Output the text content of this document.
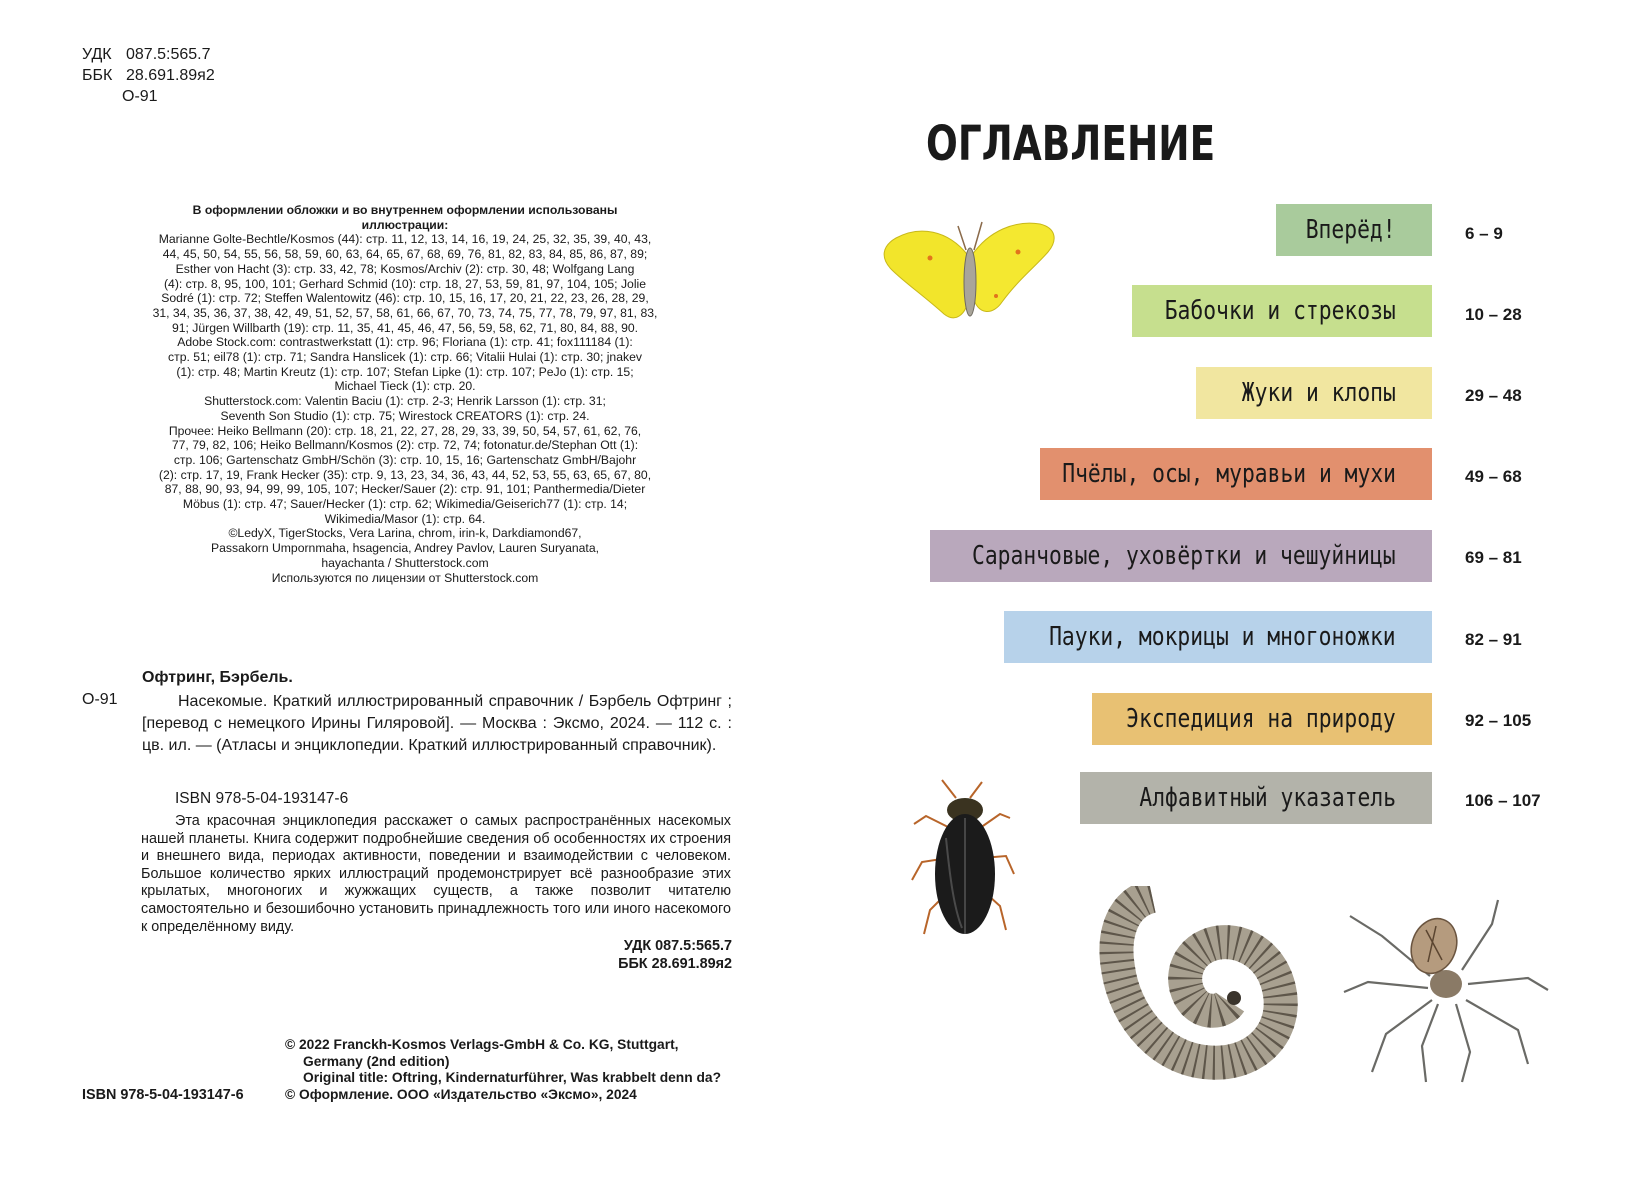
УДК 087.5:565.7
ББК 28.691.89я2
О-91

В оформлении обложки и во внутреннем оформлении использованы иллюстрации:

Marianne Golte-Bechtle/Kosmos (44): стр. 11, 12, 13, 14, 16, 19, 24, 25, 32, 35, 39, 40, 43,

44, 45, 50, 54, 55, 56, 58, 59, 60, 63, 64, 65, 67, 68, 69, 76, 81, 82, 83, 84, 85, 86, 87, 89;

Esther von Hacht (3): стр. 33, 42, 78; Kosmos/Archiv (2): стр. 30, 48; Wolfgang Lang

(4): стр. 8, 95, 100, 101; Gerhard Schmid (10): стр. 18, 27, 53, 59, 81, 97, 104, 105; Jolie

Sodré (1): стр. 72; Steffen Walentowitz (46): стр. 10, 15, 16, 17, 20, 21, 22, 23, 26, 28, 29,

31, 34, 35, 36, 37, 38, 42, 49, 51, 52, 57, 58, 61, 66, 67, 70, 73, 74, 75, 77, 78, 79, 97, 81, 83,

91; Jürgen Willbarth (19): стр. 11, 35, 41, 45, 46, 47, 56, 59, 58, 62, 71, 80, 84, 88, 90.

Adobe Stock.com: contrastwerkstatt (1): стр. 96; Floriana (1): стр. 41; fox111184 (1):

стр. 51; eil78 (1): стр. 71; Sandra Hanslicek (1): стр. 66; Vitalii Hulai (1): стр. 30; jnakev

(1): стр. 48; Martin Kreutz (1): стр. 107; Stefan Lipke (1): стр. 107; PeJo (1): стр. 15;

Michael Tieck (1): стр. 20.

Shutterstock.com: Valentin Baciu (1): стр. 2-3; Henrik Larsson (1): стр. 31;

Seventh Son Studio (1): стр. 75; Wirestock CREATORS (1): стр. 24.

Прочее: Heiko Bellmann (20): стр. 18, 21, 22, 27, 28, 29, 33, 39, 50, 54, 57, 61, 62, 76,

77, 79, 82, 106; Heiko Bellmann/Kosmos (2): стр. 72, 74; fotonatur.de/Stephan Ott (1):

стр. 106; Gartenschatz GmbH/Schön (3): стр. 10, 15, 16; Gartenschatz GmbH/Bajohr

(2): стр. 17, 19, Frank Hecker (35): стр. 9, 13, 23, 34, 36, 43, 44, 52, 53, 55, 63, 65, 67, 80,

87, 88, 90, 93, 94, 99, 99, 105, 107; Hecker/Sauer (2): стр. 91, 101; Panthermedia/Dieter

Möbus (1): стр. 47; Sauer/Hecker (1): стр. 62; Wikimedia/Geiserich77 (1): стр. 14;

Wikimedia/Masor (1): стр. 64.

©LedyX, TigerStocks, Vera Larina, chrom, irin-k, Darkdiamond67,

Passakorn Umpornmaha, hsagencia, Andrey Pavlov, Lauren Suryanata,

hayachanta / Shutterstock.com

Используются по лицензии от Shutterstock.com

Офтринг, Бэрбель.
О-91	Насекомые. Краткий иллюстрированный справочник / Бэрбель Офтринг ; [перевод с немецкого Ирины Гиляровой]. — Москва : Эксмо, 2024. — 112 с. : цв. ил. — (Атласы и энциклопедии. Краткий иллюстрированный справочник).
ISBN 978-5-04-193147-6
Эта красочная энциклопедия расскажет о самых распространённых насекомых нашей планеты. Книга содержит подробнейшие сведения об особенностях их строения и внешнего вида, периодах активности, поведении и взаимодействии с человеком. Большое количество ярких иллюстраций продемонстрирует всё разнообразие этих крылатых, многоногих и жужжащих существ, а также позволит читателю самостоятельно и безошибочно установить принадлежность того или иного насекомого к определённому виду.
УДК 087.5:565.7
ББК 28.691.89я2

© 2022 Franckh-Kosmos Verlags-GmbH & Co. KG, Stuttgart,

Germany (2nd edition)

Original title: Oftring, Kindernaturführer, Was krabbelt denn da?

© Оформление. ООО «Издательство «Эксмо», 2024

ISBN 978-5-04-193147-6
ОГЛАВЛЕНИЕ
Вперёд!	6 – 9
Бабочки и стрекозы	10 – 28
Жуки и клопы	29 – 48
Пчёлы, осы, муравьи и мухи	49 – 68
Саранчовые, уховёртки и чешуйницы	69 – 81
Пауки, мокрицы и многоножки	82 – 91
Экспедиция на природу	92 – 105
Алфавитный указатель	106 – 107
